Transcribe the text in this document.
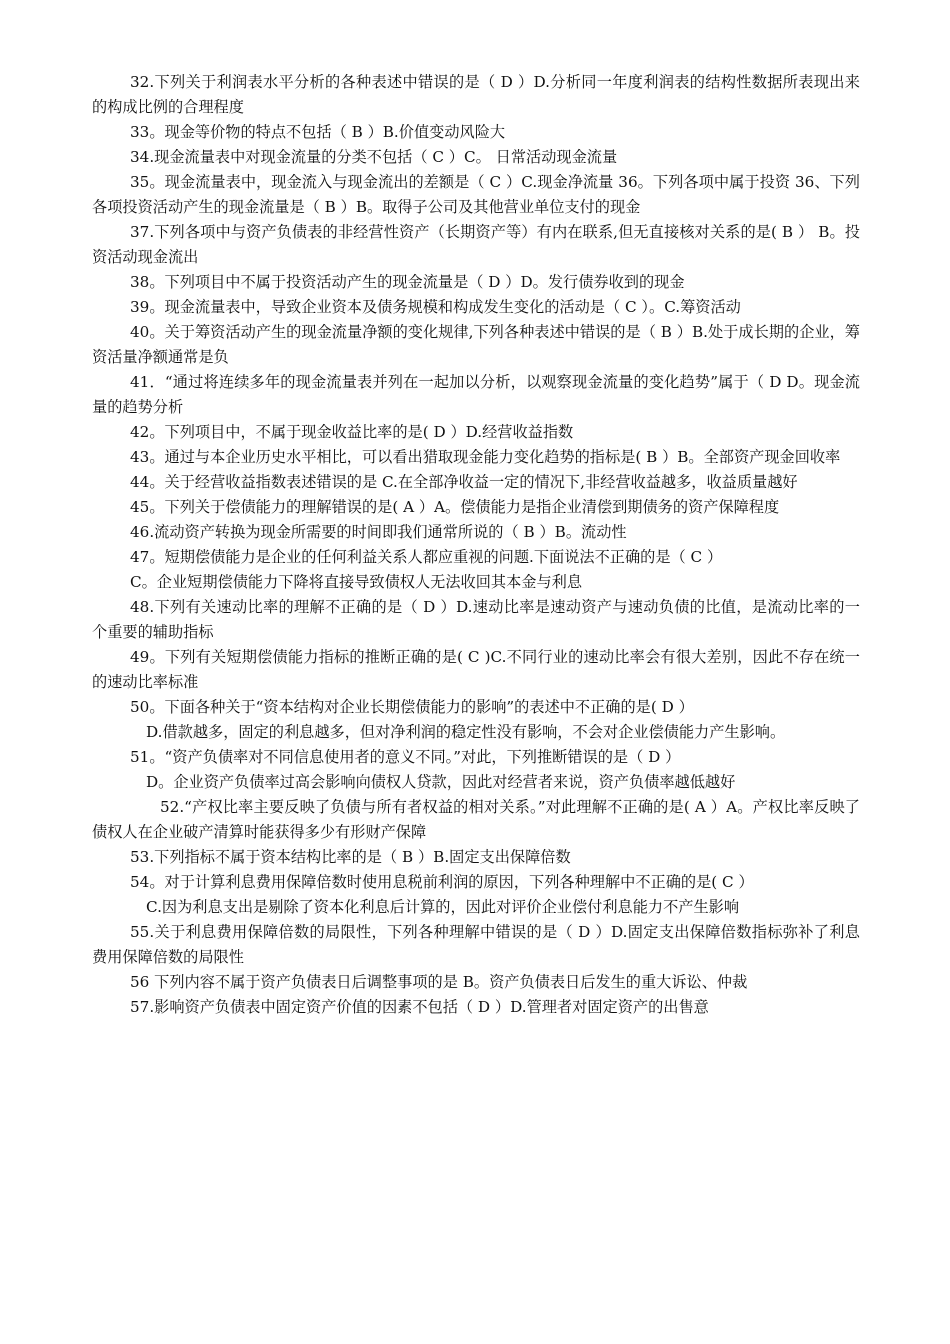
32.下列关于利润表水平分析的各种表述中错误的是（ D ）D.分析同一年度利润表的结构性数据所表现出来的构成比例的合理程度

33。现金等价物的特点不包括（ B ）B.价值变动风险大

34.现金流量表中对现金流量的分类不包括（ C ）C。 日常活动现金流量

35。现金流量表中，现金流入与现金流出的差额是（ C ）C.现金净流量 36。下列各项中属于投资 36、下列各项投资活动产生的现金流量是（ B ）B。取得子公司及其他营业单位支付的现金

37.下列各项中与资产负债表的非经营性资产（长期资产等）有内在联系,但无直接核对关系的是( B ） B。投资活动现金流出

38。下列项目中不属于投资活动产生的现金流量是（ D ）D。发行债券收到的现金

39。现金流量表中，导致企业资本及债务规模和构成发生变化的活动是（ C ）。C.筹资活动

40。关于筹资活动产生的现金流量净额的变化规律,下列各种表述中错误的是（ B ）B.处于成长期的企业，筹资活量净额通常是负

41．“通过将连续多年的现金流量表并列在一起加以分析，以观察现金流量的变化趋势”属于（ D D。现金流量的趋势分析

42。下列项目中，不属于现金收益比率的是( D ）D.经营收益指数

43。通过与本企业历史水平相比，可以看出猎取现金能力变化趋势的指标是( B ）B。全部资产现金回收率

44。关于经营收益指数表述错误的是 C.在全部净收益一定的情况下,非经营收益越多，收益质量越好

45。下列关于偿债能力的理解错误的是( A ）A。偿债能力是指企业清偿到期债务的资产保障程度

46.流动资产转换为现金所需要的时间即我们通常所说的（ B ）B。流动性

47。短期偿债能力是企业的任何利益关系人都应重视的问题.下面说法不正确的是（ C ）

C。企业短期偿债能力下降将直接导致债权人无法收回其本金与利息

48.下列有关速动比率的理解不正确的是（ D ）D.速动比率是速动资产与速动负债的比值，是流动比率的一个重要的辅助指标

49。下列有关短期偿债能力指标的推断正确的是( C )C.不同行业的速动比率会有很大差别，因此不存在统一的速动比率标准

50。下面各种关于“资本结构对企业长期偿债能力的影响”的表述中不正确的是( D ）

D.借款越多，固定的利息越多，但对净利润的稳定性没有影响，不会对企业偿债能力产生影响。

51。“资产负债率对不同信息使用者的意义不同。”对此，下列推断错误的是（ D ）

D。企业资产负债率过高会影响向债权人贷款，因此对经营者来说，资产负债率越低越好

52.“产权比率主要反映了负债与所有者权益的相对关系。”对此理解不正确的是( A ）A。产权比率反映了债权人在企业破产清算时能获得多少有形财产保障

53.下列指标不属于资本结构比率的是（ B ）B.固定支出保障倍数

54。对于计算利息费用保障倍数时使用息税前利润的原因，下列各种理解中不正确的是( C ）

C.因为利息支出是剔除了资本化利息后计算的，因此对评价企业偿付利息能力不产生影响

55.关于利息费用保障倍数的局限性，下列各种理解中错误的是（ D ）D.固定支出保障倍数指标弥补了利息费用保障倍数的局限性

56 下列内容不属于资产负债表日后调整事项的是 B。资产负债表日后发生的重大诉讼、仲裁

57.影响资产负债表中固定资产价值的因素不包括（ D ）D.管理者对固定资产的出售意
